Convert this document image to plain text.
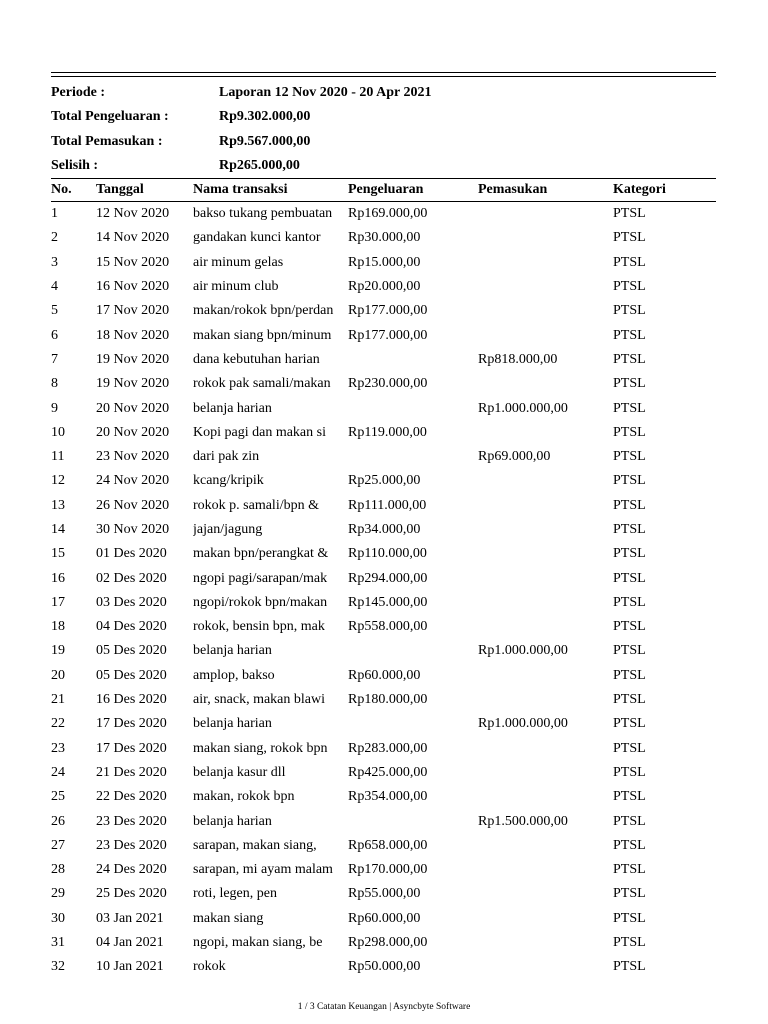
Periode :	Laporan 12 Nov 2020 - 20 Apr 2021
Total Pengeluaran :	Rp9.302.000,00
Total Pemasukan :	Rp9.567.000,00
Selisih :	Rp265.000,00
No.	Tanggal	Nama transaksi	Pengeluaran	Pemasukan	Kategori
1	12 Nov 2020	bakso tukang pembuatan	Rp169.000,00		PTSL
2	14 Nov 2020	gandakan kunci kantor	Rp30.000,00		PTSL
3	15 Nov 2020	air minum gelas	Rp15.000,00		PTSL
4	16 Nov 2020	air minum club	Rp20.000,00		PTSL
5	17 Nov 2020	makan/rokok bpn/perdan	Rp177.000,00		PTSL
6	18 Nov 2020	makan siang bpn/minum	Rp177.000,00		PTSL
7	19 Nov 2020	dana kebutuhan harian		Rp818.000,00	PTSL
8	19 Nov 2020	rokok pak samali/makan	Rp230.000,00		PTSL
9	20 Nov 2020	belanja harian		Rp1.000.000,00	PTSL
10	20 Nov 2020	Kopi pagi dan makan si	Rp119.000,00		PTSL
11	23 Nov 2020	dari pak zin		Rp69.000,00	PTSL
12	24 Nov 2020	kcang/kripik	Rp25.000,00		PTSL
13	26 Nov 2020	rokok p. samali/bpn &	Rp111.000,00		PTSL
14	30 Nov 2020	jajan/jagung	Rp34.000,00		PTSL
15	01 Des 2020	makan bpn/perangkat &	Rp110.000,00		PTSL
16	02 Des 2020	ngopi pagi/sarapan/mak	Rp294.000,00		PTSL
17	03 Des 2020	ngopi/rokok bpn/makan	Rp145.000,00		PTSL
18	04 Des 2020	rokok, bensin bpn, mak	Rp558.000,00		PTSL
19	05 Des 2020	belanja harian		Rp1.000.000,00	PTSL
20	05 Des 2020	amplop, bakso	Rp60.000,00		PTSL
21	16 Des 2020	air, snack, makan blawi	Rp180.000,00		PTSL
22	17 Des 2020	belanja harian		Rp1.000.000,00	PTSL
23	17 Des 2020	makan siang, rokok bpn	Rp283.000,00		PTSL
24	21 Des 2020	belanja kasur dll	Rp425.000,00		PTSL
25	22 Des 2020	makan, rokok bpn	Rp354.000,00		PTSL
26	23 Des 2020	belanja harian		Rp1.500.000,00	PTSL
27	23 Des 2020	sarapan, makan siang,	Rp658.000,00		PTSL
28	24 Des 2020	sarapan, mi ayam malam	Rp170.000,00		PTSL
29	25 Des 2020	roti, legen, pen	Rp55.000,00		PTSL
30	03 Jan 2021	makan siang	Rp60.000,00		PTSL
31	04 Jan 2021	ngopi, makan siang, be	Rp298.000,00		PTSL
32	10 Jan 2021	rokok	Rp50.000,00		PTSL
1 / 3 Catatan Keuangan | Asyncbyte Software
